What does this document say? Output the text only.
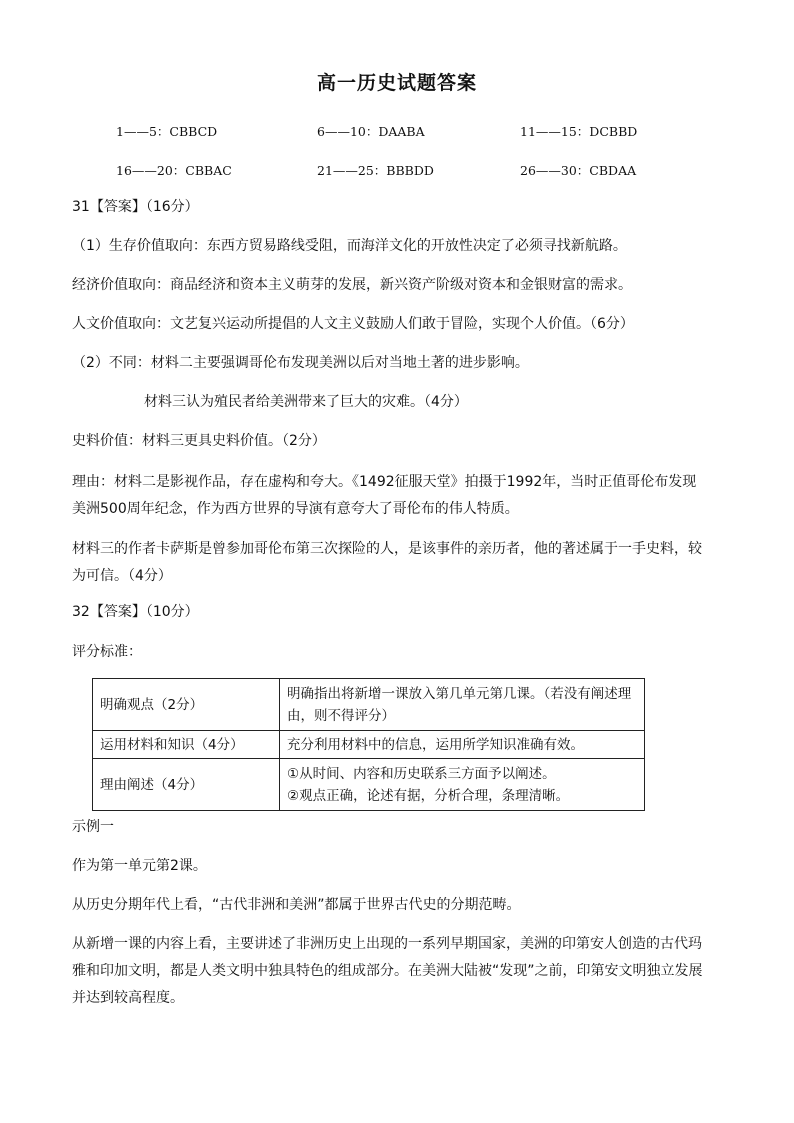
高一历史试题答案
1——5：CBBCD	6——10：DAABA	11——15：DCBBD
16——20：CBBAC	21——25：BBBDD	26——30：CBDAA
31【答案】（16分）
（1）生存价值取向：东西方贸易路线受阻，而海洋文化的开放性决定了必须寻找新航路。
经济价值取向：商品经济和资本主义萌芽的发展，新兴资产阶级对资本和金银财富的需求。
人文价值取向：文艺复兴运动所提倡的人文主义鼓励人们敢于冒险，实现个人价值。（6分）
（2）不同：材料二主要强调哥伦布发现美洲以后对当地土著的进步影响。
材料三认为殖民者给美洲带来了巨大的灾难。（4分）
史料价值：材料三更具史料价值。（2分）
理由：材料二是影视作品，存在虚构和夸大。《1492征服天堂》拍摄于1992年，当时正值哥伦布发现美洲500周年纪念，作为西方世界的导演有意夸大了哥伦布的伟人特质。
材料三的作者卡萨斯是曾参加哥伦布第三次探险的人，是该事件的亲历者，他的著述属于一手史料，较为可信。（4分）
32【答案】（10分）
评分标准：
明确观点（2分）	明确指出将新增一课放入第几单元第几课。（若没有阐述理由，则不得评分）
运用材料和知识（4分）	充分利用材料中的信息，运用所学知识准确有效。
理由阐述（4分）	①从时间、内容和历史联系三方面予以阐述。
②观点正确，论述有据，分析合理，条理清晰。
示例一
作为第一单元第2课。
从历史分期年代上看，“古代非洲和美洲”都属于世界古代史的分期范畴。
从新增一课的内容上看，主要讲述了非洲历史上出现的一系列早期国家，美洲的印第安人创造的古代玛雅和印加文明，都是人类文明中独具特色的组成部分。在美洲大陆被“发现”之前，印第安文明独立发展并达到较高程度。
